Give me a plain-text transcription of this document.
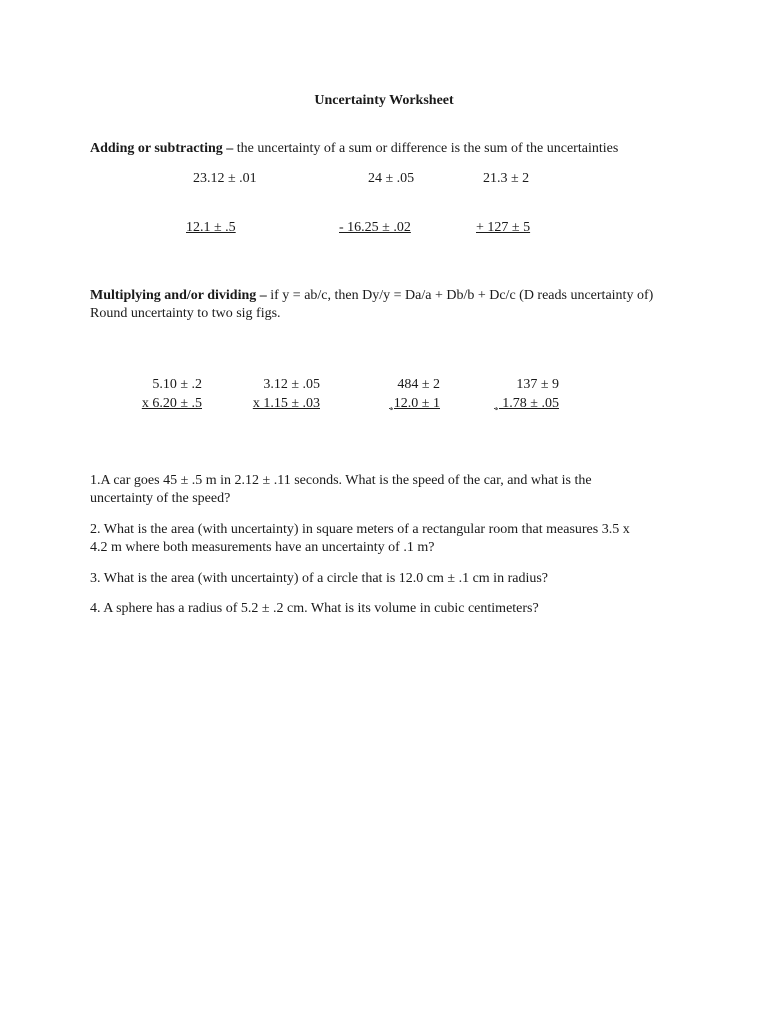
Uncertainty Worksheet
Adding or subtracting – the uncertainty of a sum or difference is the sum of the uncertainties
23.12 ± .01
12.1 ± .5
24 ± .05
- 16.25 ± .02
21.3 ± 2
+ 127 ± 5
Multiplying and/or dividing – if y = ab/c, then Dy/y = Da/a + Db/b + Dc/c (D reads uncertainty of) Round uncertainty to two sig figs.
5.10 ± .2
x 6.20 ± .5
3.12 ± .05
x 1.15 ± .03
484 ± 2
¸12.0 ± 1
137 ± 9
¸ 1.78 ± .05
1.A car goes 45 ± .5 m in 2.12 ± .11 seconds. What is the speed of the car, and what is the uncertainty of the speed?
2. What is the area (with uncertainty) in square meters of a rectangular room that measures 3.5 x 4.2 m where both measurements have an uncertainty of .1 m?
3. What is the area (with uncertainty) of a circle that is 12.0 cm ± .1 cm in radius?
4. A sphere has a radius of 5.2 ± .2 cm. What is its volume in cubic centimeters?
